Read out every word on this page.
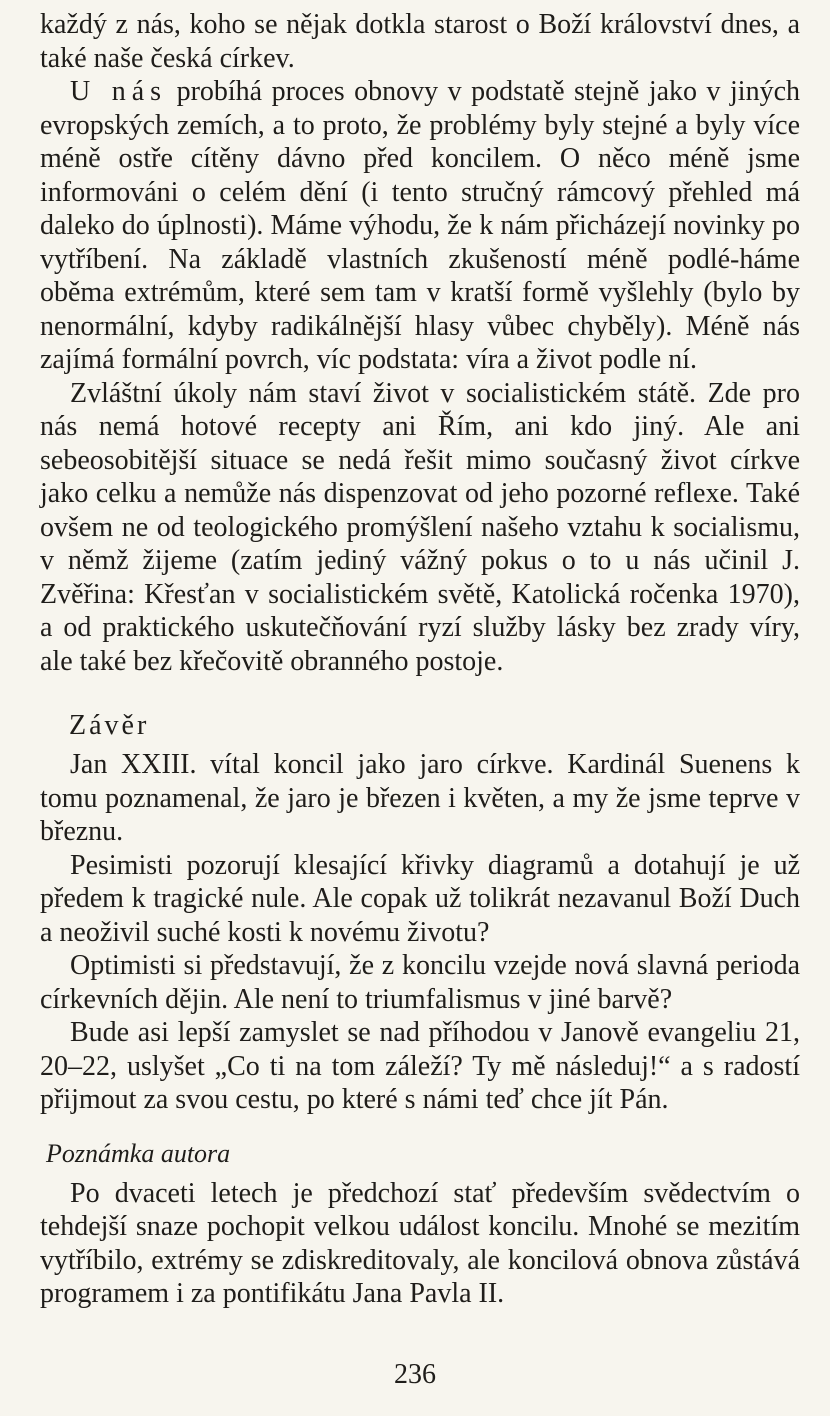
každý z nás, koho se nějak dotkla starost o Boží království dnes, a také naše česká církev.

U nás probíhá proces obnovy v podstatě stejně jako v jiných evropských zemích, a to proto, že problémy byly stejné a byly více méně ostře cítěny dávno před koncilem. O něco méně jsme informováni o celém dění (i tento stručný rámcový přehled má daleko do úplnosti). Máme výhodu, že k nám přicházejí novinky po vytříbení. Na základě vlastních zkušeností méně podlé-háme oběma extrémům, které sem tam v kratší formě vyšlehly (bylo by nenormální, kdyby radikálnější hlasy vůbec chyběly). Méně nás zajímá formální povrch, víc podstata: víra a život podle ní.

Zvláštní úkoly nám staví život v socialistickém státě. Zde pro nás nemá hotové recepty ani Řím, ani kdo jiný. Ale ani sebeosobitější situace se nedá řešit mimo současný život církve jako celku a nemůže nás dispenzovat od jeho pozorné reflexe. Také ovšem ne od teologického promýšlení našeho vztahu k socialismu, v němž žijeme (zatím jediný vážný pokus o to u nás učinil J. Zvěřina: Křesťan v socialistickém světě, Katolická ročenka 1970), a od praktického uskutečňování ryzí služby lásky bez zrady víry, ale také bez křečovitě obranného postoje.

Závěr

Jan XXIII. vítal koncil jako jaro církve. Kardinál Suenens k tomu poznamenal, že jaro je březen i květen, a my že jsme teprve v březnu.

Pesimisti pozorují klesající křivky diagramů a dotahují je už předem k tragické nule. Ale copak už tolikrát nezavanul Boží Duch a neoživil suché kosti k novému životu?

Optimisti si představují, že z koncilu vzejde nová slavná perioda církevních dějin. Ale není to triumfalismus v jiné barvě?

Bude asi lepší zamyslet se nad příhodou v Janově evangeliu 21, 20–22, uslyšet „Co ti na tom záleží? Ty mě následuj!“ a s radostí přijmout za svou cestu, po které s námi teď chce jít Pán.

Poznámka autora

Po dvaceti letech je předchozí stať především svědectvím o tehdejší snaze pochopit velkou událost koncilu. Mnohé se mezitím vytříbilo, extrémy se zdiskreditovaly, ale koncilová obnova zůstává programem i za pontifikátu Jana Pavla II.

236
